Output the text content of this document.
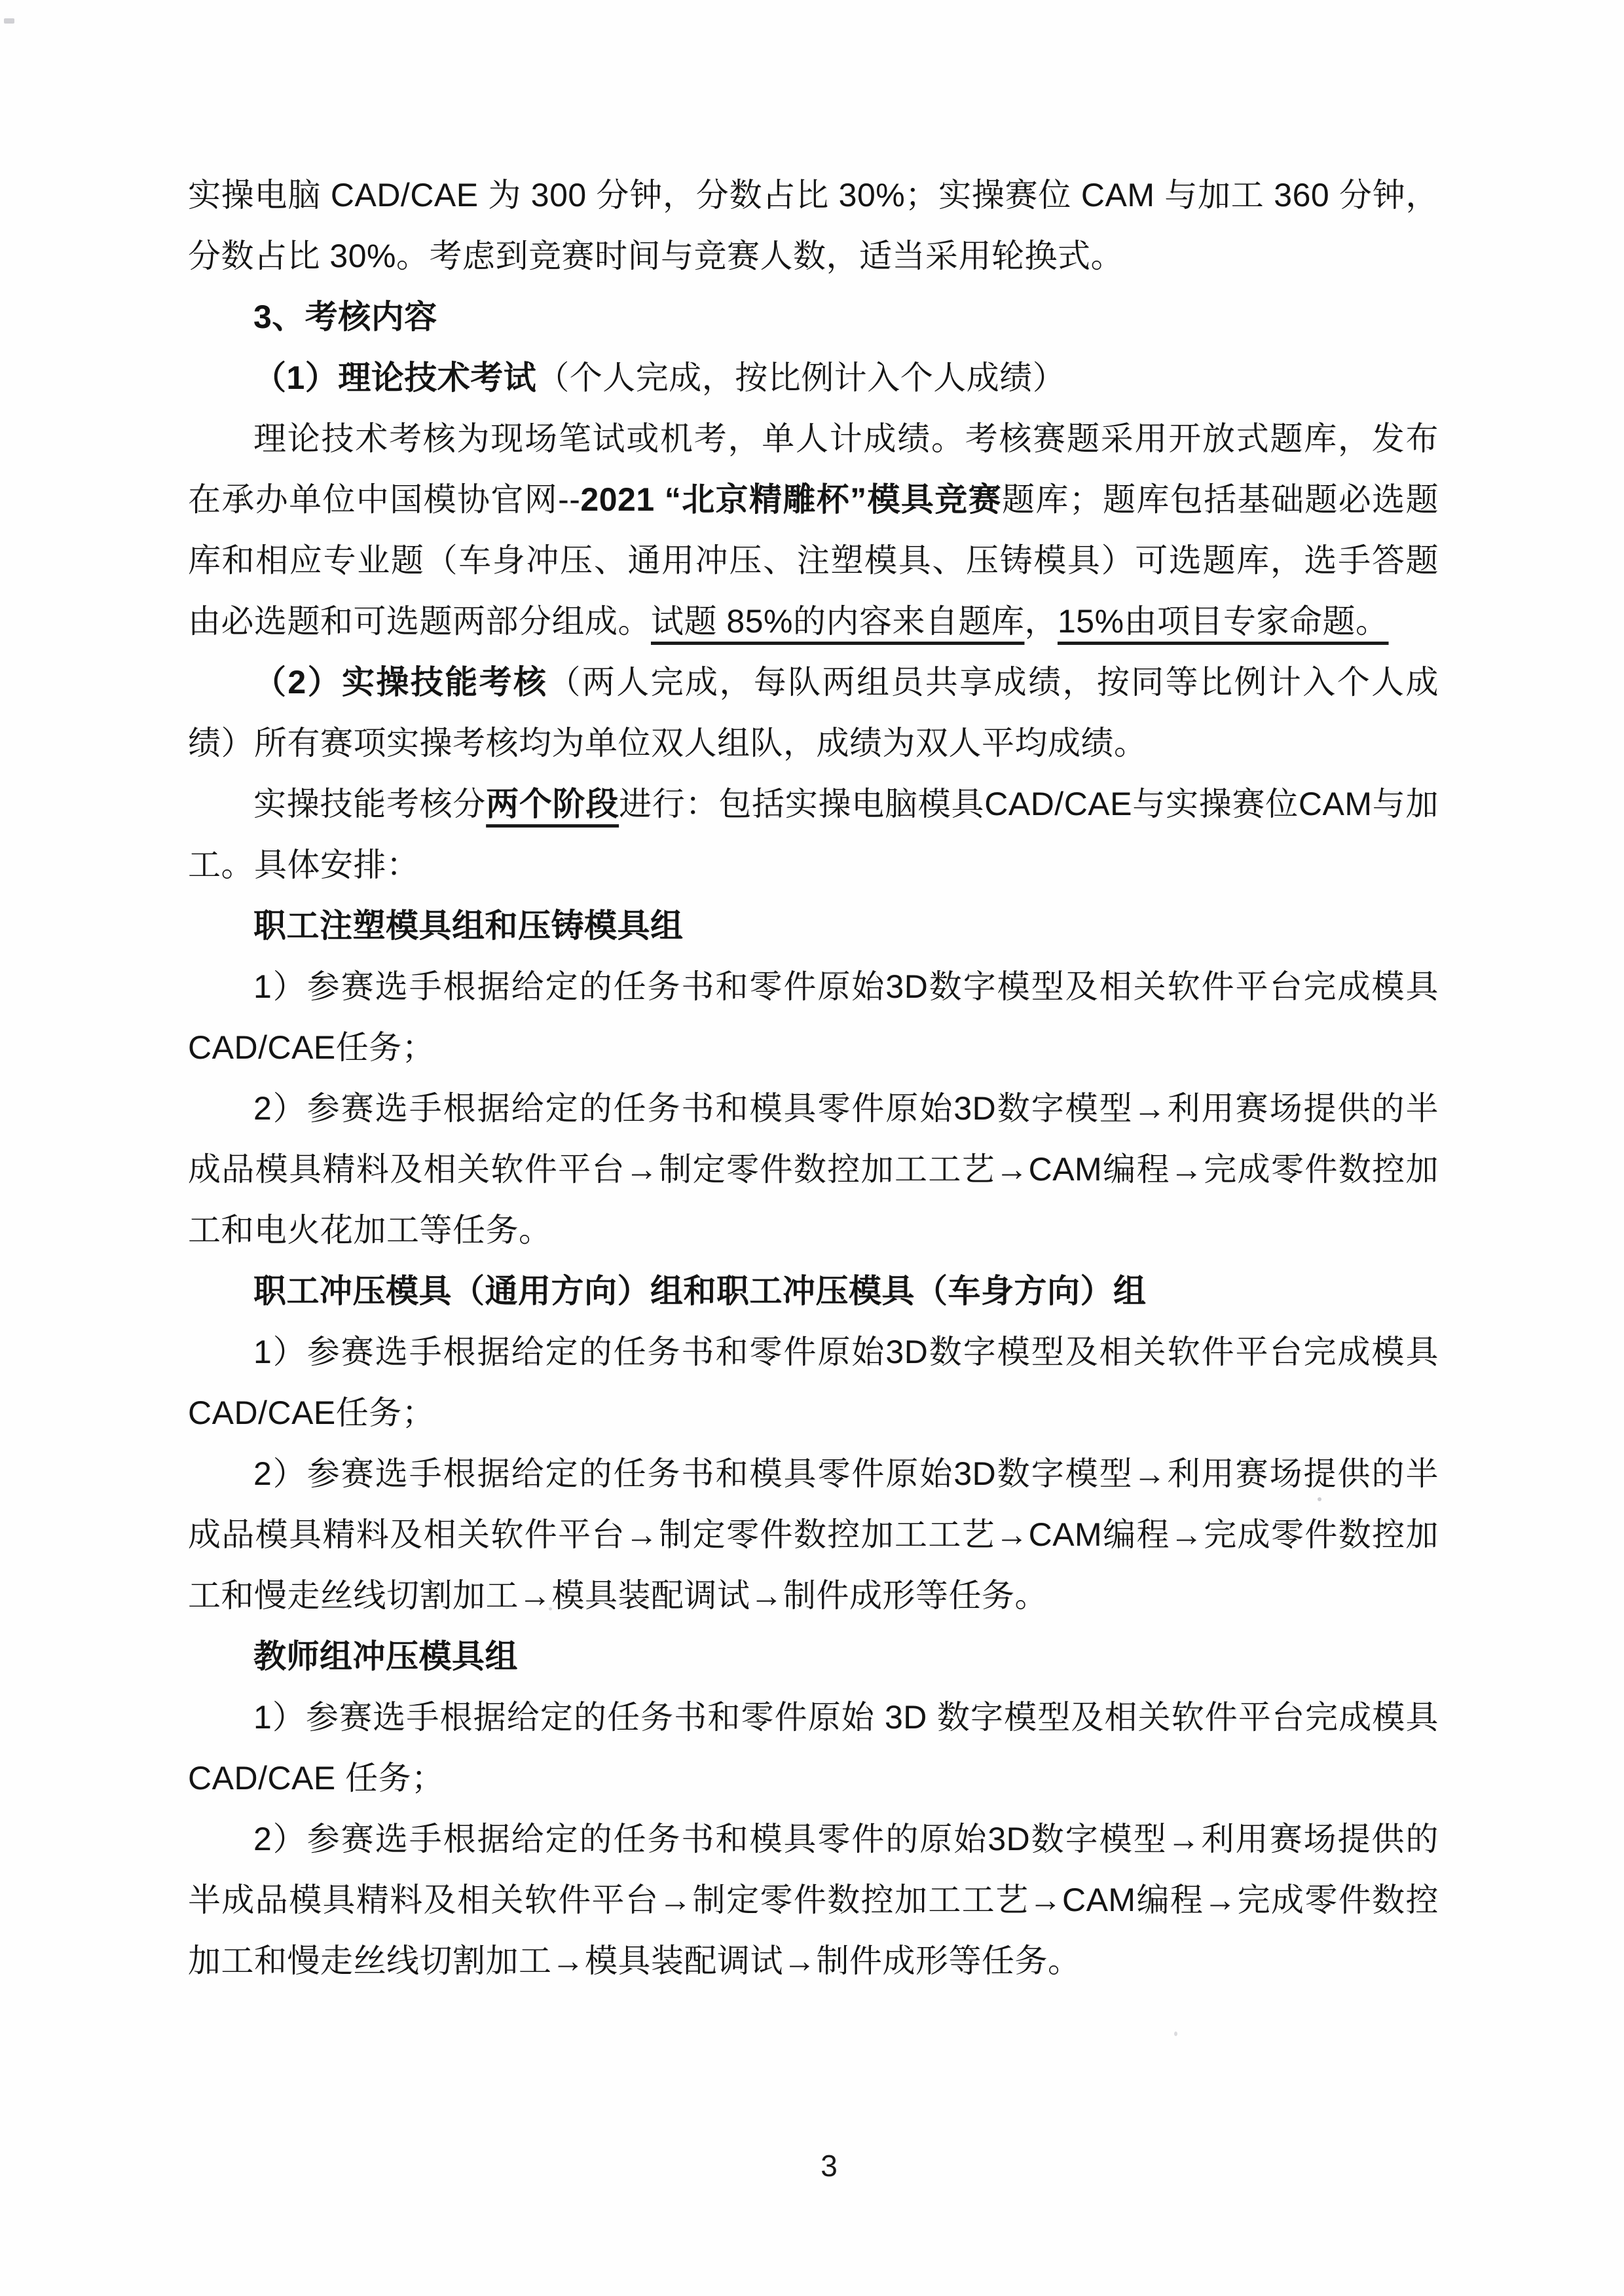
实操电脑 CAD/CAE 为 300 分钟，分数占比 30%；实操赛位 CAM 与加工 360 分钟，分数占比 30%。考虑到竞赛时间与竞赛人数，适当采用轮换式。

3、考核内容

（1）理论技术考试（个人完成，按比例计入个人成绩）

理论技术考核为现场笔试或机考，单人计成绩。考核赛题采用开放式题库，发布在承办单位中国模协官网--2021 “北京精雕杯”模具竞赛题库；题库包括基础题必选题库和相应专业题（车身冲压、通用冲压、注塑模具、压铸模具）可选题库，选手答题由必选题和可选题两部分组成。试题 85%的内容来自题库，15%由项目专家命题。

（2）实操技能考核（两人完成，每队两组员共享成绩，按同等比例计入个人成绩）所有赛项实操考核均为单位双人组队，成绩为双人平均成绩。

实操技能考核分两个阶段进行：包括实操电脑模具CAD/CAE与实操赛位CAM与加工。具体安排：

职工注塑模具组和压铸模具组

1）参赛选手根据给定的任务书和零件原始3D数字模型及相关软件平台完成模具CAD/CAE任务；

2）参赛选手根据给定的任务书和模具零件原始3D数字模型→利用赛场提供的半成品模具精料及相关软件平台→制定零件数控加工工艺→CAM编程→完成零件数控加工和电火花加工等任务。

职工冲压模具（通用方向）组和职工冲压模具（车身方向）组

1）参赛选手根据给定的任务书和零件原始3D数字模型及相关软件平台完成模具CAD/CAE任务；

2）参赛选手根据给定的任务书和模具零件原始3D数字模型→利用赛场提供的半成品模具精料及相关软件平台→制定零件数控加工工艺→CAM编程→完成零件数控加工和慢走丝线切割加工→模具装配调试→制件成形等任务。

教师组冲压模具组

1）参赛选手根据给定的任务书和零件原始 3D 数字模型及相关软件平台完成模具CAD/CAE 任务；

2）参赛选手根据给定的任务书和模具零件的原始3D数字模型→利用赛场提供的半成品模具精料及相关软件平台→制定零件数控加工工艺→CAM编程→完成零件数控加工和慢走丝线切割加工→模具装配调试→制件成形等任务。

3
